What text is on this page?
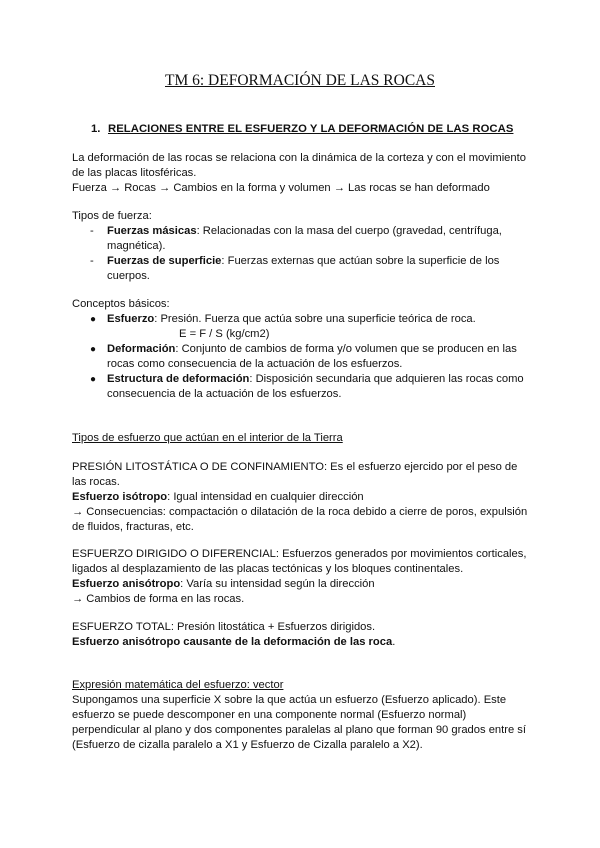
TM 6: DEFORMACIÓN DE LAS ROCAS
1. RELACIONES ENTRE EL ESFUERZO Y LA DEFORMACIÓN DE LAS ROCAS
La deformación de las rocas se relaciona con la dinámica de la corteza y con el movimiento
de las placas litosféricas.
Fuerza → Rocas → Cambios en la forma y volumen → Las rocas se han deformado
Tipos de fuerza:
- Fuerzas másicas: Relacionadas con la masa del cuerpo (gravedad, centrífuga,
magnética).
- Fuerzas de superficie: Fuerzas externas que actúan sobre la superficie de los
cuerpos.
Conceptos básicos:
● Esfuerzo: Presión. Fuerza que actúa sobre una superficie teórica de roca.
E = F / S (kg/cm2)
● Deformación: Conjunto de cambios de forma y/o volumen que se producen en las
rocas como consecuencia de la actuación de los esfuerzos.
● Estructura de deformación: Disposición secundaria que adquieren las rocas como
consecuencia de la actuación de los esfuerzos.
Tipos de esfuerzo que actúan en el interior de la Tierra
PRESIÓN LITOSTÁTICA O DE CONFINAMIENTO: Es el esfuerzo ejercido por el peso de
las rocas.
Esfuerzo isótropo: Igual intensidad en cualquier dirección
→ Consecuencias: compactación o dilatación de la roca debido a cierre de poros, expulsión
de fluidos, fracturas, etc.
ESFUERZO DIRIGIDO O DIFERENCIAL: Esfuerzos generados por movimientos corticales,
ligados al desplazamiento de las placas tectónicas y los bloques continentales.
Esfuerzo anisótropo: Varía su intensidad según la dirección
→ Cambios de forma en las rocas.
ESFUERZO TOTAL: Presión litostática + Esfuerzos dirigidos.
Esfuerzo anisótropo causante de la deformación de las roca.
Expresión matemática del esfuerzo: vector
Supongamos una superficie X sobre la que actúa un esfuerzo (Esfuerzo aplicado). Este
esfuerzo se puede descomponer en una componente normal (Esfuerzo normal)
perpendicular al plano y dos componentes paralelas al plano que forman 90 grados entre sí
(Esfuerzo de cizalla paralelo a X1 y Esfuerzo de Cizalla paralelo a X2).
